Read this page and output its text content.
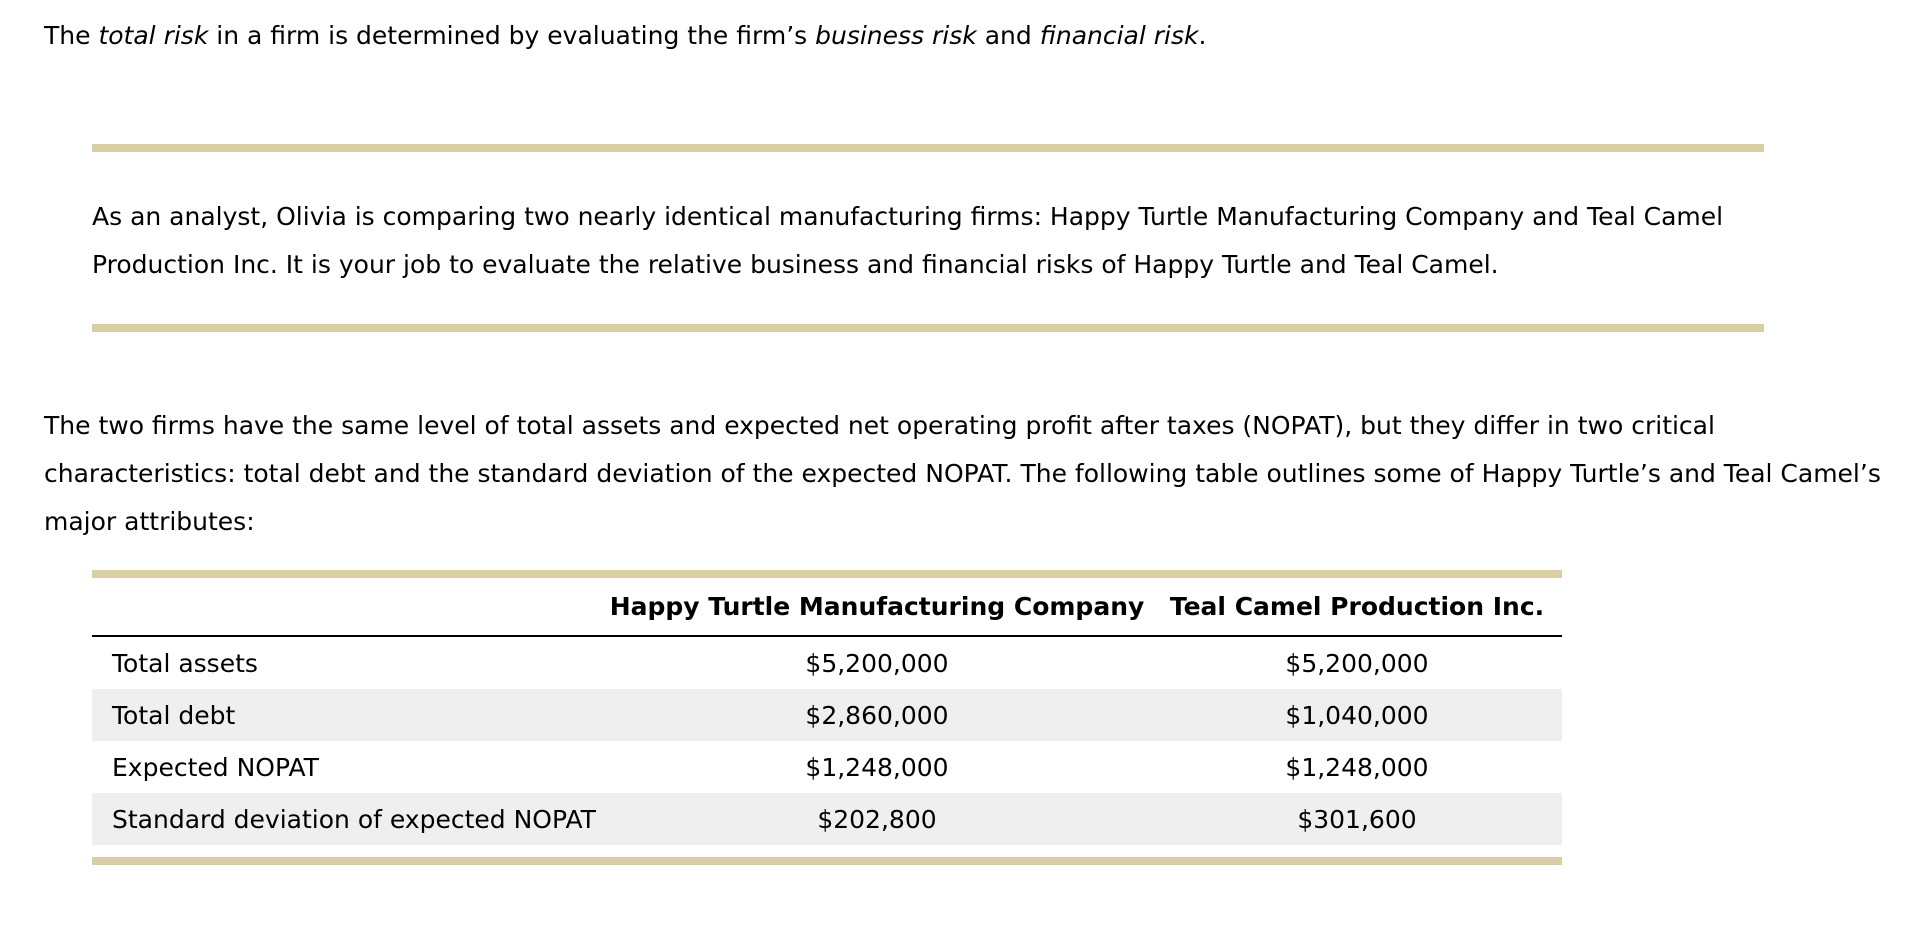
The total risk in a firm is determined by evaluating the firm’s business risk and financial risk.

As an analyst, Olivia is comparing two nearly identical manufacturing firms: Happy Turtle Manufacturing Company and Teal Camel Production Inc. It is your job to evaluate the relative business and financial risks of Happy Turtle and Teal Camel.

The two firms have the same level of total assets and expected net operating profit after taxes (NOPAT), but they differ in two critical characteristics: total debt and the standard deviation of the expected NOPAT. The following table outlines some of Happy Turtle’s and Teal Camel’s major attributes:

	Happy Turtle Manufacturing Company	Teal Camel Production Inc.
Total assets	$5,200,000	$5,200,000
Total debt	$2,860,000	$1,040,000
Expected NOPAT	$1,248,000	$1,248,000
Standard deviation of expected NOPAT	$202,800	$301,600
